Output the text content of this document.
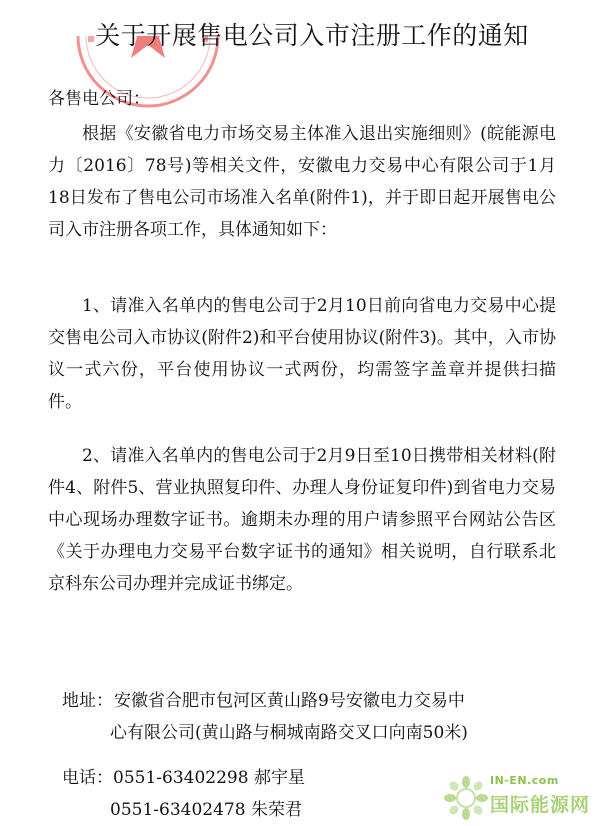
关于开展售电公司入市注册工作的通知
各售电公司：
根据《安徽省电力市场交易主体准入退出实施细则》(皖能源电力〔2016〕78号)等相关文件，安徽电力交易中心有限公司于1月18日发布了售电公司市场准入名单(附件1)，并于即日起开展售电公司入市注册各项工作，具体通知如下：
1、请准入名单内的售电公司于2月10日前向省电力交易中心提交售电公司入市协议(附件2)和平台使用协议(附件3)。其中，入市协议一式六份，平台使用协议一式两份，均需签字盖章并提供扫描件。
2、请准入名单内的售电公司于2月9日至10日携带相关材料(附件4、附件5、营业执照复印件、办理人身份证复印件)到省电力交易中心现场办理数字证书。逾期未办理的用户请参照平台网站公告区《关于办理电力交易平台数字证书的通知》相关说明，自行联系北京科东公司办理并完成证书绑定。
地址：安徽省合肥市包河区黄山路9号安徽电力交易中
心有限公司(黄山路与桐城南路交叉口向南50米)
电话：0551-63402298 郝宇星
0551-63402478 朱荣君
IN-EN.com
国际能源网
